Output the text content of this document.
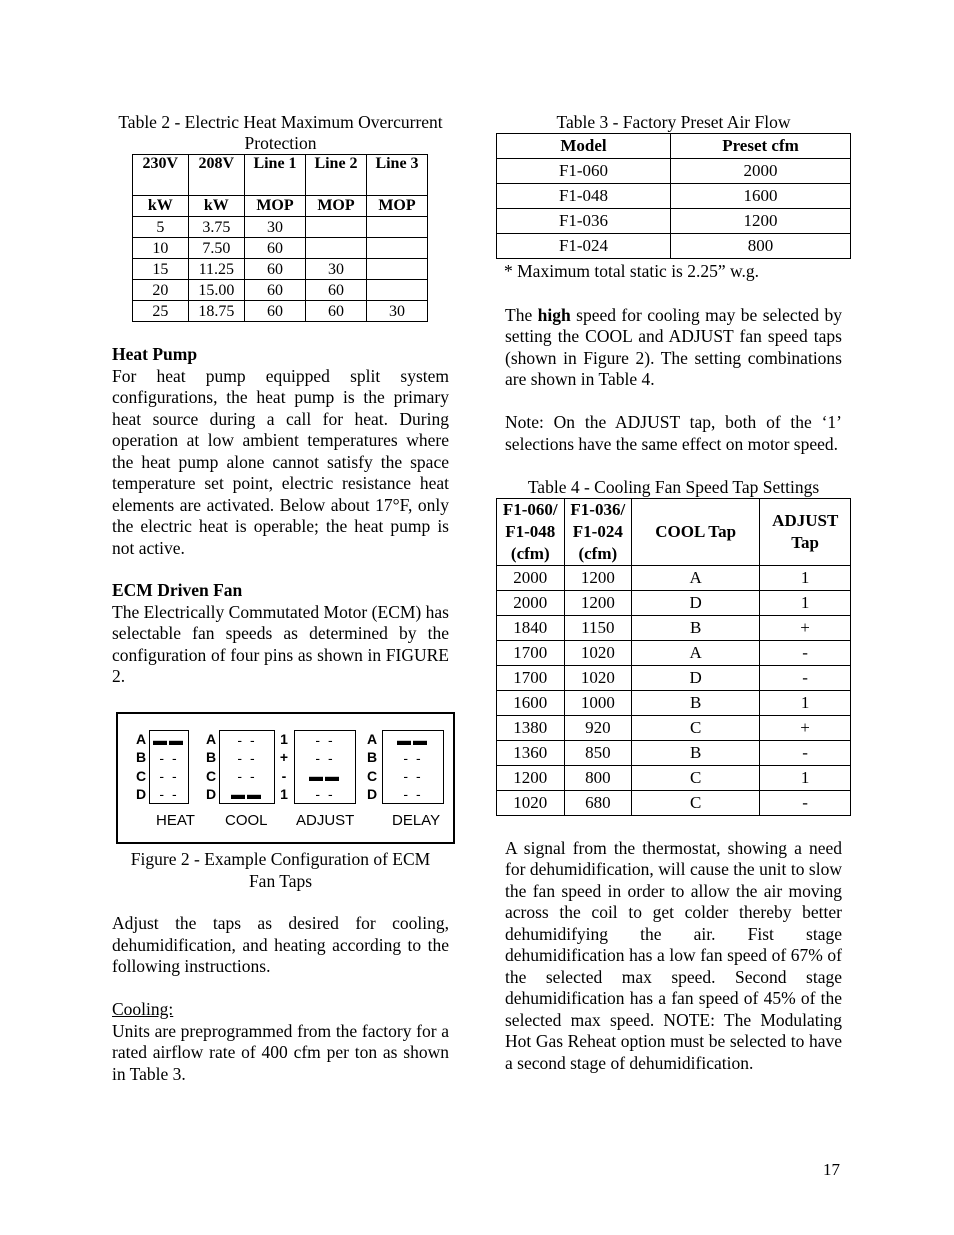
Table 2 - Electric Heat Maximum Overcurrent Protection
230V	208V	Line 1	Line 2	Line 3
kW	kW	MOP	MOP	MOP
5	3.75	30		
10	7.50	60		
15	11.25	60	30	
20	15.00	60	60	
25	18.75	60	60	30
Heat Pump

For heat pump equipped split system configurations, the heat pump is the primary heat source during a call for heat. During operation at low ambient temperatures where the heat pump alone cannot satisfy the space temperature set point, electric resistance heat elements are activated. Below about 17°F, only the electric heat is operable; the heat pump is not active.

ECM Driven Fan

The Electrically Commutated Motor (ECM) has selectable fan speeds as determined by the configuration of four pins as shown in FIGURE 2.

A
B
C
D
▬▬
- -
- -
- -
HEAT
A
B
C
D
- -
- -
- -
▬▬
COOL
1
+
-
1
- -
- -
▬▬
- -
ADJUST
A
B
C
D
▬▬
- -
- -
- -
DELAY
Figure 2 - Example Configuration of ECM Fan Taps

Adjust the taps as desired for cooling, dehumidification, and heating according to the following instructions.

Cooling:

Units are preprogrammed from the factory for a rated airflow rate of 400 cfm per ton as shown in Table 3.

Table 3 - Factory Preset Air Flow
Model	Preset cfm
F1-060	2000
F1-048	1600
F1-036	1200
F1-024	800
* Maximum total static is 2.25” w.g.

The high speed for cooling may be selected by setting the COOL and ADJUST fan speed taps (shown in Figure 2). The setting combinations are shown in Table 4.

Note: On the ADJUST tap, both of the ‘1’ selections have the same effect on motor speed.

Table 4 - Cooling Fan Speed Tap Settings
F1-060/ F1-048 (cfm)	F1-036/ F1-024 (cfm)	COOL Tap	ADJUST Tap
2000	1200	A	1
2000	1200	D	1
1840	1150	B	+
1700	1020	A	-
1700	1020	D	-
1600	1000	B	1
1380	920	C	+
1360	850	B	-
1200	800	C	1
1020	680	C	-

A signal from the thermostat, showing a need for dehumidification, will cause the unit to slow the fan speed in order to allow the air moving across the coil to get colder thereby better dehumidifying the air. Fist stage dehumidification has a low fan speed of 67% of the selected max speed. Second stage dehumidification has a fan speed of 45% of the selected max speed. NOTE: The Modulating Hot Gas Reheat option must be selected to have a second stage of dehumidification.

17
